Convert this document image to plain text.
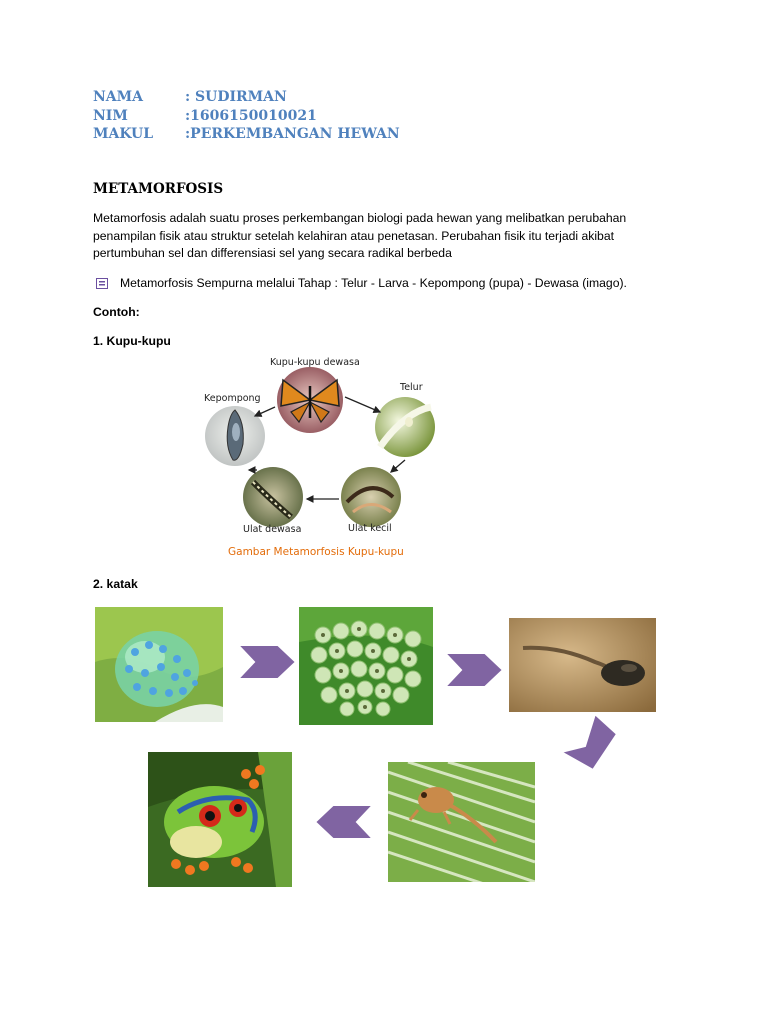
NAMA	: SUDIRMAN
NIM	:1606150010021
MAKUL :PERKEMBANGAN HEWAN
METAMORFOSIS
Metamorfosis adalah suatu proses perkembangan biologi pada hewan yang melibatkan perubahan penampilan fisik atau struktur setelah kelahiran atau penetasan. Perubahan fisik itu terjadi akibat pertumbuhan sel dan differensiasi sel yang secara radikal berbeda
Metamorfosis Sempurna melalui Tahap : Telur - Larva - Kepompong (pupa) - Dewasa (imago).
Contoh:
1. Kupu-kupu
Kupu-kupu dewasa
Telur
Kepompong
Ulat dewasa	Ulat kecil
Gambar Metamorfosis Kupu-kupu
2. katak
